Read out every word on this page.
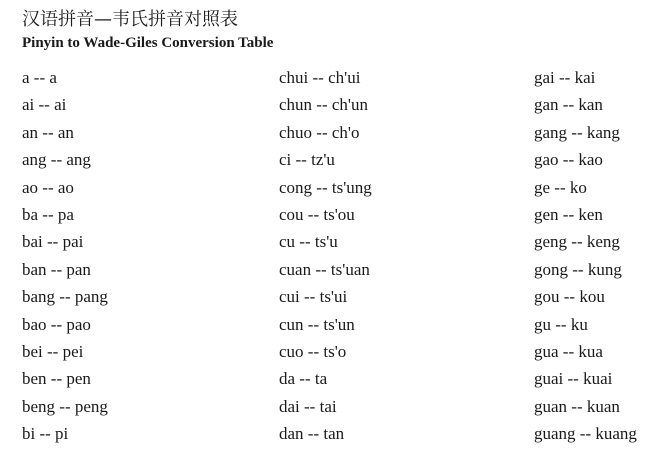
汉语拼音—韦氏拼音对照表
Pinyin to Wade-Giles Conversion Table
a -- a
ai -- ai
an -- an
ang -- ang
ao -- ao
ba -- pa
bai -- pai
ban -- pan
bang -- pang
bao -- pao
bei -- pei
ben -- pen
beng -- peng
bi -- pi
chui -- ch'ui
chun -- ch'un
chuo -- ch'o
ci -- tz'u
cong -- ts'ung
cou -- ts'ou
cu -- ts'u
cuan -- ts'uan
cui -- ts'ui
cun -- ts'un
cuo -- ts'o
da -- ta
dai -- tai
dan -- tan
gai -- kai
gan -- kan
gang -- kang
gao -- kao
ge -- ko
gen -- ken
geng -- keng
gong -- kung
gou -- kou
gu -- ku
gua -- kua
guai -- kuai
guan -- kuan
guang -- kuang
